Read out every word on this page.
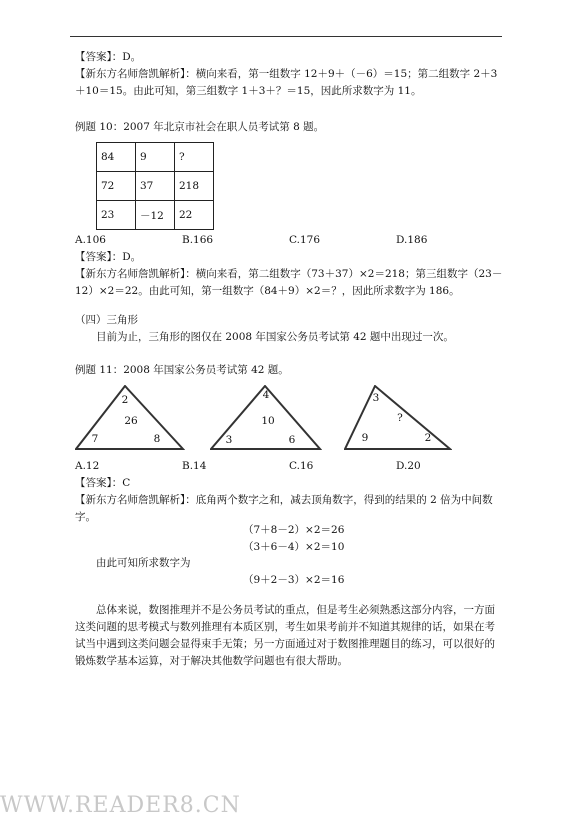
【答案】：D。
【新东方名师詹凯解析】：横向来看，第一组数字 12＋9＋（－6）＝15；第二组数字 2＋3
＋10＝15。由此可知，第三组数字 1＋3＋？＝15，因此所求数字为 11。
例题 10：2007 年北京市社会在职人员考试第 8 题。
84	9	?
72	37	218
23	－12	22
A.106	B.166	C.176	D.186
【答案】：D。
【新东方名师詹凯解析】：横向来看，第二组数字（73＋37）×2＝218；第三组数字（23－
12）×2＝22。由此可知，第一组数字（84＋9）×2＝？，因此所求数字为 186。
（四）三角形
目前为止，三角形的图仅在 2008 年国家公务员考试第 42 题中出现过一次。
例题 11：2008 年国家公务员考试第 42 题。
2
26
7	8
4
10
3	6
3
?
9	2
A.12	B.14	C.16	D.20
【答案】：C
【新东方名师詹凯解析】：底角两个数字之和，减去顶角数字，得到的结果的 2 倍为中间数
字。
（7＋8－2）×2＝26
（3＋6－4）×2＝10
由此可知所求数字为
（9＋2－3）×2＝16
总体来说，数图推理并不是公务员考试的重点，但是考生必须熟悉这部分内容，一方面
这类问题的思考模式与数列推理有本质区别，考生如果考前并不知道其规律的话，如果在考
试当中遇到这类问题会显得束手无策；另一方面通过对于数图推理题目的练习，可以很好的
锻炼数学基本运算，对于解决其他数学问题也有很大帮助。
WWW.READER8.CN
